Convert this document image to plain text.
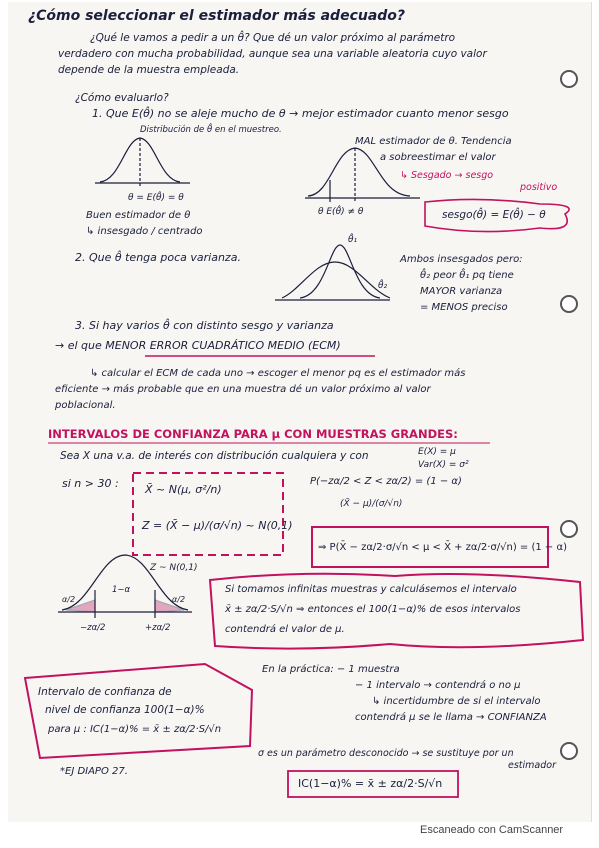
¿Cómo seleccionar el estimador más adecuado?
¿Qué le vamos a pedir a un θ̂? Que dé un valor próximo al parámetro
verdadero con mucha probabilidad, aunque sea una variable aleatoria cuyo valor
depende de la muestra empleada.
¿Cómo evaluarlo?
1. Que E(θ̂) no se aleje mucho de θ → mejor estimador cuanto menor sesgo
Distribución de θ̂ en el muestreo.
θ = E(θ̂) = θ
Buen estimador de θ
↳ insesgado / centrado
MAL estimador de θ. Tendencia
a sobreestimar el valor
↳ Sesgado → sesgo
positivo
sesgo(θ̂) = E(θ̂) − θ
θ E(θ̂) ≠ θ
2. Que θ̂ tenga poca varianza.
θ̂₁
θ̂₂
Ambos insesgados pero:
θ̂₂ peor θ̂₁ pq tiene
MAYOR varianza
= MENOS preciso
3. Si hay varios θ̂ con distinto sesgo y varianza
→ el que MENOR ERROR CUADRÁTICO MEDIO (ECM)
↳ calcular el ECM de cada uno → escoger el menor pq es el estimador más
eficiente → más probable que en una muestra dé un valor próximo al valor
poblacional.
INTERVALOS DE CONFIANZA PARA μ CON MUESTRAS GRANDES:
Sea X una v.a. de interés con distribución cualquiera y con	E(X) = μ
Var(X) = σ²
si n > 30 : X̄ ~ N(μ, σ²/n)
Z = (X̄ − μ)/(σ/√n) ~ N(0,1)
P(−zα/2 < Z < zα/2) = (1 − α)
(X̄ − μ)/(σ/√n)
⇒ P(X̄ − zα/2·σ/√n < μ < X̄ + zα/2·σ/√n) = (1 − α)
Z ~ N(0,1)
1−α
α/2	α/2
−zα/2	+zα/2
Si tomamos infinitas muestras y calculásemos el intervalo
x̄ ± zα/2·S/√n ⇒ entonces el 100(1−α)% de esos intervalos
contendrá el valor de μ.
En la práctica: − 1 muestra
− 1 intervalo → contendrá o no μ
↳ incertidumbre de si el intervalo
contendrá μ se le llama → CONFIANZA
Intervalo de confianza de
nivel de confianza 100(1−α)%
para μ : IC(1−α)% = x̄ ± zα/2·S/√n
σ es un parámetro desconocido → se sustituye por un
estimador
IC(1−α)% = x̄ ± zα/2·S/√n
*EJ DIAPO 27.
Escaneado con CamScanner
